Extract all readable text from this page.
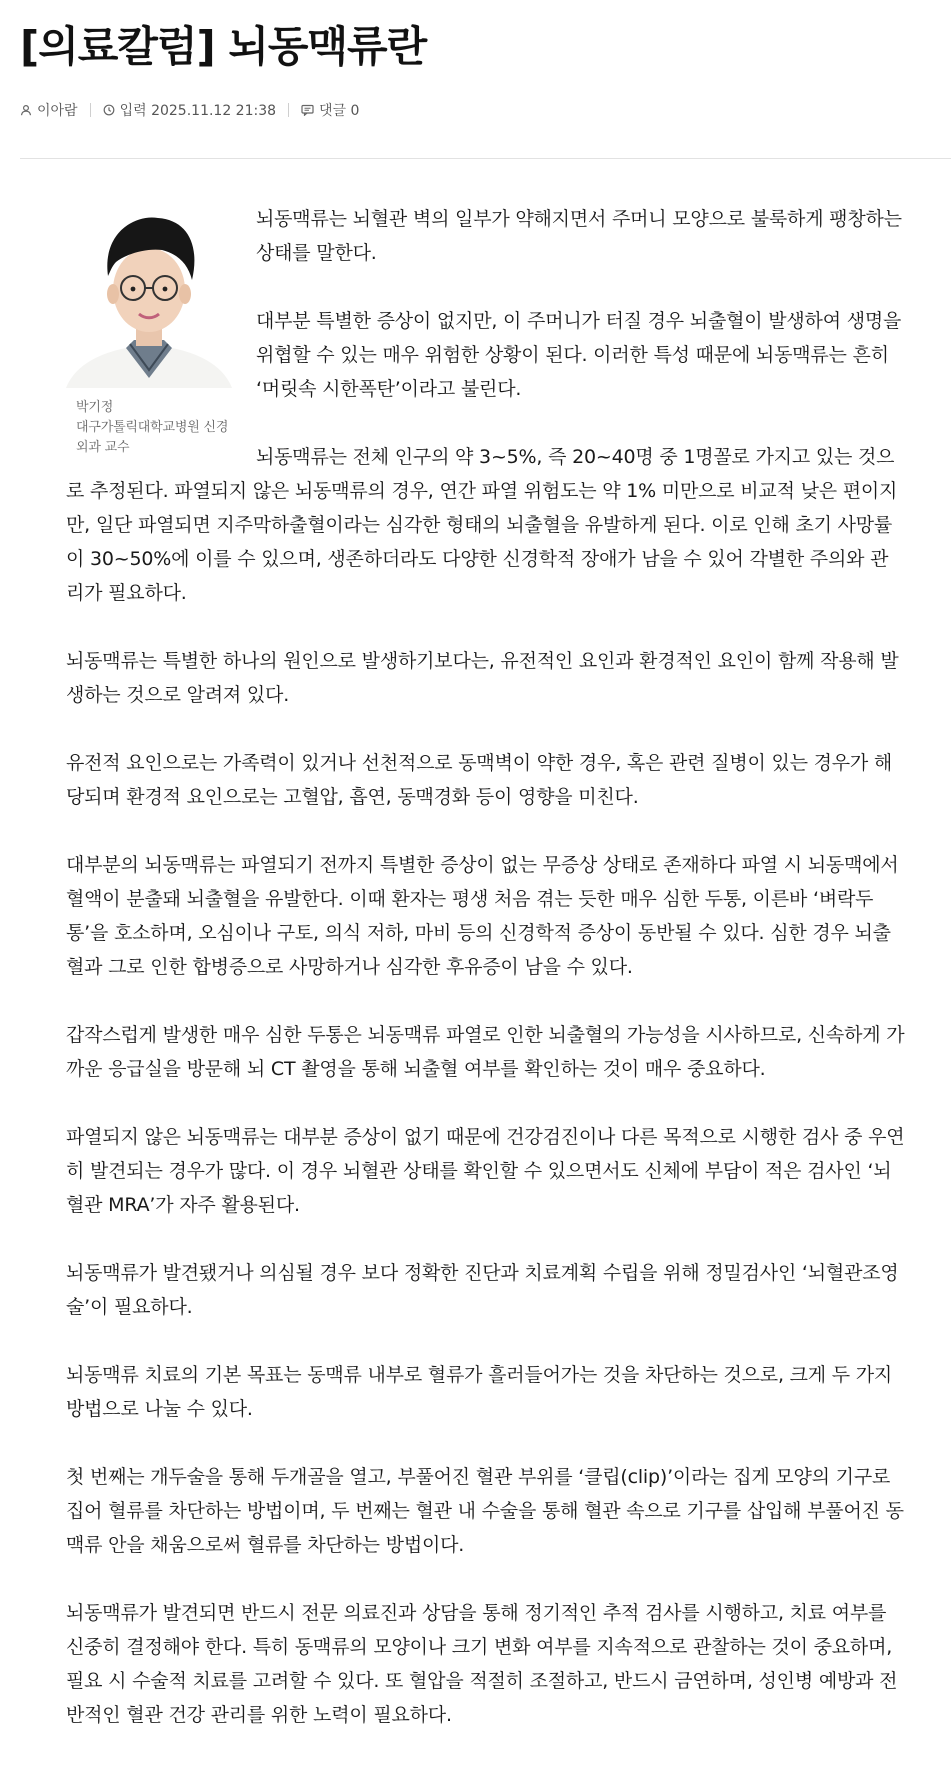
[의료칼럼] 뇌동맥류란
이아람	입력 2025.11.12 21:38	댓글 0
박기정
대구가톨릭대학교병원 신경외과 교수

뇌동맥류는 뇌혈관 벽의 일부가 약해지면서 주머니 모양으로 불룩하게 팽창하는 상태를 말한다.

대부분 특별한 증상이 없지만, 이 주머니가 터질 경우 뇌출혈이 발생하여 생명을 위협할 수 있는 매우 위험한 상황이 된다. 이러한 특성 때문에 뇌동맥류는 흔히 ‘머릿속 시한폭탄’이라고 불린다.

뇌동맥류는 전체 인구의 약 3~5%, 즉 20~40명 중 1명꼴로 가지고 있는 것으로 추정된다. 파열되지 않은 뇌동맥류의 경우, 연간 파열 위험도는 약 1% 미만으로 비교적 낮은 편이지만, 일단 파열되면 지주막하출혈이라는 심각한 형태의 뇌출혈을 유발하게 된다. 이로 인해 초기 사망률이 30~50%에 이를 수 있으며, 생존하더라도 다양한 신경학적 장애가 남을 수 있어 각별한 주의와 관리가 필요하다.

뇌동맥류는 특별한 하나의 원인으로 발생하기보다는, 유전적인 요인과 환경적인 요인이 함께 작용해 발생하는 것으로 알려져 있다.

유전적 요인으로는 가족력이 있거나 선천적으로 동맥벽이 약한 경우, 혹은 관련 질병이 있는 경우가 해당되며 환경적 요인으로는 고혈압, 흡연, 동맥경화 등이 영향을 미친다.

대부분의 뇌동맥류는 파열되기 전까지 특별한 증상이 없는 무증상 상태로 존재하다 파열 시 뇌동맥에서 혈액이 분출돼 뇌출혈을 유발한다. 이때 환자는 평생 처음 겪는 듯한 매우 심한 두통, 이른바 ‘벼락두통’을 호소하며, 오심이나 구토, 의식 저하, 마비 등의 신경학적 증상이 동반될 수 있다. 심한 경우 뇌출혈과 그로 인한 합병증으로 사망하거나 심각한 후유증이 남을 수 있다.

갑작스럽게 발생한 매우 심한 두통은 뇌동맥류 파열로 인한 뇌출혈의 가능성을 시사하므로, 신속하게 가까운 응급실을 방문해 뇌 CT 촬영을 통해 뇌출혈 여부를 확인하는 것이 매우 중요하다.

파열되지 않은 뇌동맥류는 대부분 증상이 없기 때문에 건강검진이나 다른 목적으로 시행한 검사 중 우연히 발견되는 경우가 많다. 이 경우 뇌혈관 상태를 확인할 수 있으면서도 신체에 부담이 적은 검사인 ‘뇌혈관 MRA’가 자주 활용된다.

뇌동맥류가 발견됐거나 의심될 경우 보다 정확한 진단과 치료계획 수립을 위해 정밀검사인 ‘뇌혈관조영술’이 필요하다.

뇌동맥류 치료의 기본 목표는 동맥류 내부로 혈류가 흘러들어가는 것을 차단하는 것으로, 크게 두 가지 방법으로 나눌 수 있다.

첫 번째는 개두술을 통해 두개골을 열고, 부풀어진 혈관 부위를 ‘클립(clip)’이라는 집게 모양의 기구로 집어 혈류를 차단하는 방법이며, 두 번째는 혈관 내 수술을 통해 혈관 속으로 기구를 삽입해 부풀어진 동맥류 안을 채움으로써 혈류를 차단하는 방법이다.

뇌동맥류가 발견되면 반드시 전문 의료진과 상담을 통해 정기적인 추적 검사를 시행하고, 치료 여부를 신중히 결정해야 한다. 특히 동맥류의 모양이나 크기 변화 여부를 지속적으로 관찰하는 것이 중요하며, 필요 시 수술적 치료를 고려할 수 있다. 또 혈압을 적절히 조절하고, 반드시 금연하며, 성인병 예방과 전반적인 혈관 건강 관리를 위한 노력이 필요하다.
